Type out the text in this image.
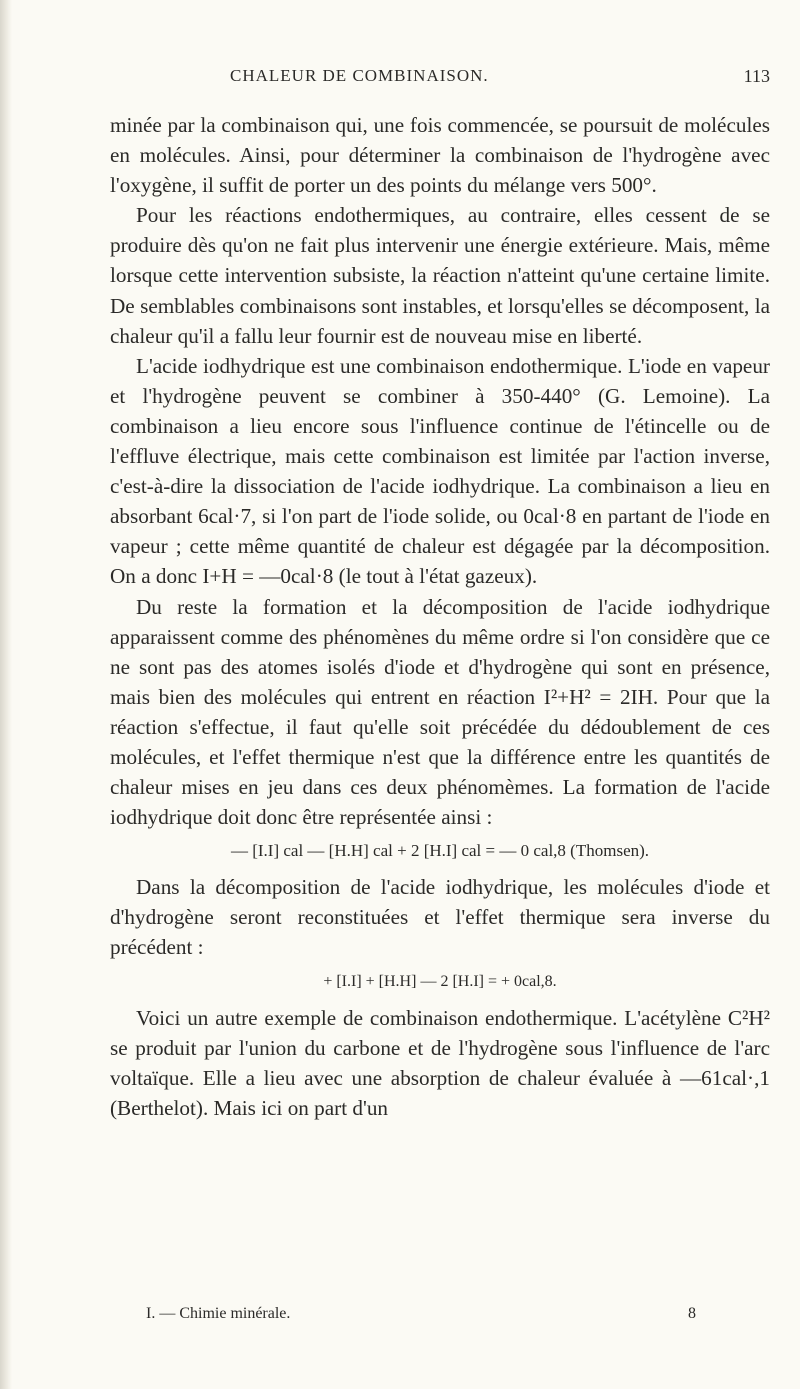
CHALEUR DE COMBINAISON.	113

minée par la combinaison qui, une fois commencée, se poursuit de molécules en molécules. Ainsi, pour déterminer la combinaison de l'hydrogène avec l'oxygène, il suffit de porter un des points du mélange vers 500°.

Pour les réactions endothermiques, au contraire, elles cessent de se produire dès qu'on ne fait plus intervenir une énergie extérieure. Mais, même lorsque cette intervention subsiste, la réaction n'atteint qu'une certaine limite. De semblables combinaisons sont instables, et lorsqu'elles se décomposent, la chaleur qu'il a fallu leur fournir est de nouveau mise en liberté.

L'acide iodhydrique est une combinaison endothermique. L'iode en vapeur et l'hydrogène peuvent se combiner à 350-440° (G. Lemoine). La combinaison a lieu encore sous l'influence continue de l'étincelle ou de l'effluve électrique, mais cette combinaison est limitée par l'action inverse, c'est-à-dire la dissociation de l'acide iodhydrique. La combinaison a lieu en absorbant 6cal·7, si l'on part de l'iode solide, ou 0cal·8 en partant de l'iode en vapeur ; cette même quantité de chaleur est dégagée par la décomposition. On a donc I+H = —0cal·8 (le tout à l'état gazeux).

Du reste la formation et la décomposition de l'acide iodhydrique apparaissent comme des phénomènes du même ordre si l'on considère que ce ne sont pas des atomes isolés d'iode et d'hydrogène qui sont en présence, mais bien des molécules qui entrent en réaction I²+H² = 2IH. Pour que la réaction s'effectue, il faut qu'elle soit précédée du dédoublement de ces molécules, et l'effet thermique n'est que la différence entre les quantités de chaleur mises en jeu dans ces deux phénomèmes. La formation de l'acide iodhydrique doit donc être représentée ainsi :

— [I.I] cal — [H.H] cal + 2 [H.I] cal = — 0 cal,8 (Thomsen).

Dans la décomposition de l'acide iodhydrique, les molécules d'iode et d'hydrogène seront reconstituées et l'effet thermique sera inverse du précédent :

+ [I.I] + [H.H] — 2 [H.I] = + 0cal,8.

Voici un autre exemple de combinaison endothermique. L'acétylène C²H² se produit par l'union du carbone et de l'hydrogène sous l'influence de l'arc voltaïque. Elle a lieu avec une absorption de chaleur évaluée à —61cal·,1 (Berthelot). Mais ici on part d'un

I. — Chimie minérale.	8
